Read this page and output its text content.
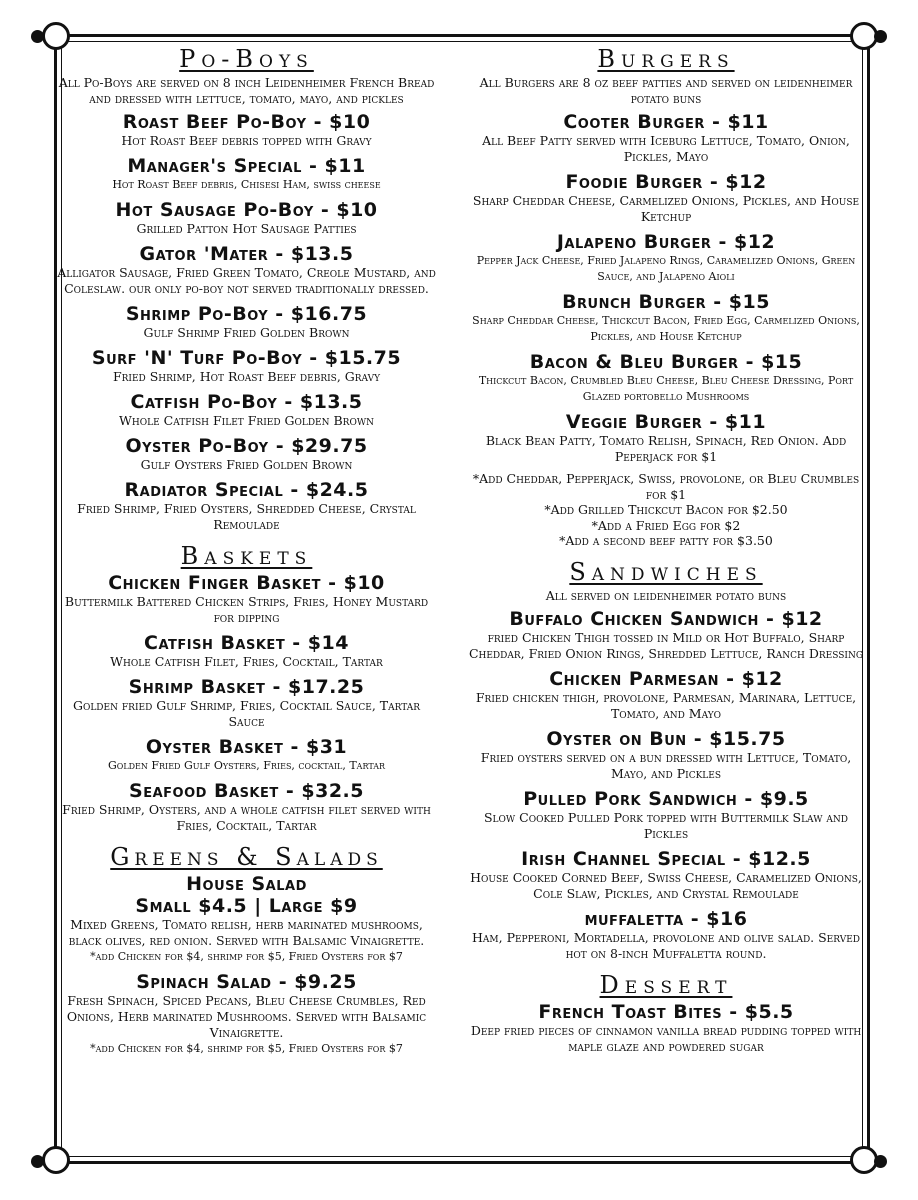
Po-Boys
All Po-Boys are served on 8 inch Leidenheimer French Bread and dressed with lettuce, tomato, mayo, and pickles
Roast Beef Po-Boy - $10
Hot Roast Beef debris topped with Gravy
Manager's Special - $11
Hot Roast Beef debris, Chisesi Ham, swiss cheese
Hot Sausage Po-Boy - $10
Grilled Patton Hot Sausage Patties
Gator 'Mater - $13.5
Alligator Sausage, Fried Green Tomato, Creole Mustard, and Coleslaw. our only po-boy not served traditionally dressed.
Shrimp Po-Boy - $16.75
Gulf Shrimp Fried Golden Brown
Surf 'N' Turf Po-Boy - $15.75
Fried Shrimp, Hot Roast Beef debris, Gravy
Catfish Po-Boy - $13.5
Whole Catfish Filet Fried Golden Brown
Oyster Po-Boy - $29.75
Gulf Oysters Fried Golden Brown
Radiator Special - $24.5
Fried Shrimp, Fried Oysters, Shredded Cheese, Crystal Remoulade
Baskets
Chicken Finger Basket - $10
Buttermilk Battered Chicken Strips, Fries, Honey Mustard for dipping
Catfish Basket - $14
Whole Catfish Filet, Fries, Cocktail, Tartar
Shrimp Basket - $17.25
Golden fried Gulf Shrimp, Fries, Cocktail Sauce, Tartar Sauce
Oyster Basket - $31
Golden Fried Gulf Oysters, Fries, cocktail, Tartar
Seafood Basket - $32.5
Fried Shrimp, Oysters, and a whole catfish filet served with Fries, Cocktail, Tartar
Greens & Salads
House Salad
Small $4.5 | Large $9
Mixed Greens, Tomato relish, herb marinated mushrooms, black olives, red onion. Served with Balsamic Vinaigrette.
*add Chicken for $4, shrimp for $5, Fried Oysters for $7
Spinach Salad - $9.25
Fresh Spinach, Spiced Pecans, Bleu Cheese Crumbles, Red Onions, Herb marinated Mushrooms. Served with Balsamic Vinaigrette.
*add Chicken for $4, shrimp for $5, Fried Oysters for $7
Burgers
All Burgers are 8 oz beef patties and served on leidenheimer potato buns
Cooter Burger - $11
All Beef Patty served with Iceburg Lettuce, Tomato, Onion, Pickles, Mayo
Foodie Burger - $12
Sharp Cheddar Cheese, Carmelized Onions, Pickles, and House Ketchup
Jalapeno Burger - $12
Pepper Jack Cheese, Fried Jalapeno Rings, Caramelized Onions, Green Sauce, and Jalapeno Aioli
Brunch Burger - $15
Sharp Cheddar Cheese, Thickcut Bacon, Fried Egg, Carmelized Onions, Pickles, and House Ketchup
Bacon & Bleu Burger - $15
Thickcut Bacon, Crumbled Bleu Cheese, Bleu Cheese Dressing, Port Glazed portobello Mushrooms
Veggie Burger - $11
Black Bean Patty, Tomato Relish, Spinach, Red Onion. Add Peperjack for $1
*Add Cheddar, Pepperjack, Swiss, provolone, or Bleu Crumbles for $1
*Add Grilled Thickcut Bacon for $2.50
*Add a Fried Egg for $2
*Add a second beef patty for $3.50
Sandwiches
All served on leidenheimer potato buns
Buffalo Chicken Sandwich - $12
fried Chicken Thigh tossed in Mild or Hot Buffalo, Sharp Cheddar, Fried Onion Rings, Shredded Lettuce, Ranch Dressing
Chicken Parmesan - $12
Fried chicken thigh, provolone, Parmesan, Marinara, Lettuce, Tomato, and Mayo
Oyster on Bun - $15.75
Fried oysters served on a bun dressed with Lettuce, Tomato, Mayo, and Pickles
Pulled Pork Sandwich - $9.5
Slow Cooked Pulled Pork topped with Buttermilk Slaw and Pickles
Irish Channel Special - $12.5
House Cooked Corned Beef, Swiss Cheese, Caramelized Onions, Cole Slaw, Pickles, and Crystal Remoulade
muffaletta - $16
Ham, Pepperoni, Mortadella, provolone and olive salad. Served hot on 8-inch Muffaletta round.
Dessert
French Toast Bites - $5.5
Deep fried pieces of cinnamon vanilla bread pudding topped with maple glaze and powdered sugar
